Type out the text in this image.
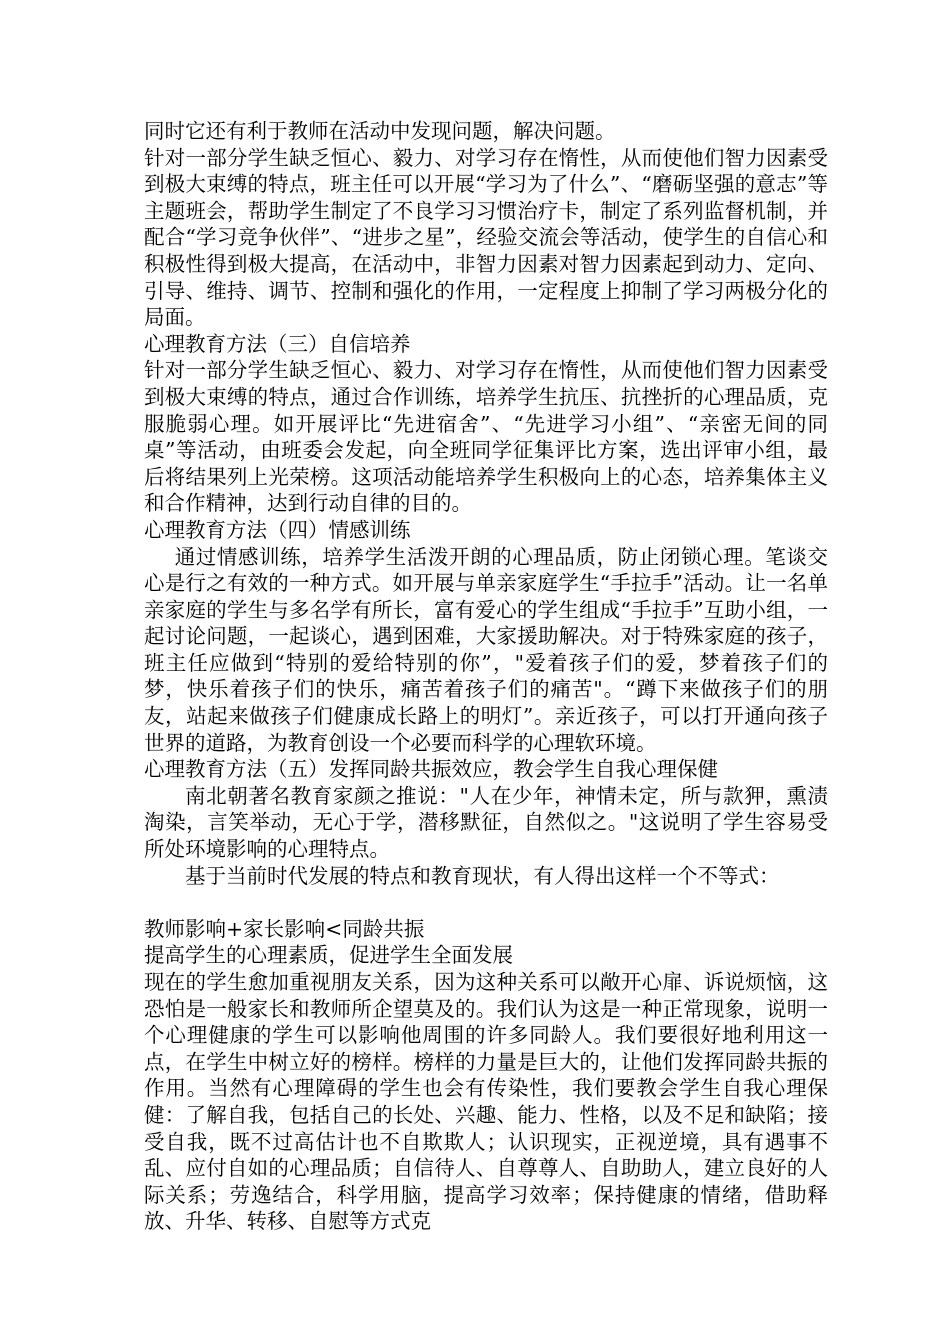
同时它还有利于教师在活动中发现问题，解决问题。

针对一部分学生缺乏恒心、毅力、对学习存在惰性，从而使他们智力因素受到极大束缚的特点，班主任可以开展“学习为了什么”、“磨砺坚强的意志”等主题班会，帮助学生制定了不良学习习惯治疗卡，制定了系列监督机制，并配合“学习竞争伙伴”、“进步之星”，经验交流会等活动，使学生的自信心和积极性得到极大提高，在活动中，非智力因素对智力因素起到动力、定向、引导、维持、调节、控制和强化的作用，一定程度上抑制了学习两极分化的局面。

心理教育方法（三）自信培养

针对一部分学生缺乏恒心、毅力、对学习存在惰性，从而使他们智力因素受到极大束缚的特点，通过合作训练，培养学生抗压、抗挫折的心理品质，克服脆弱心理。如开展评比“先进宿舍”、“先进学习小组”、“亲密无间的同桌”等活动，由班委会发起，向全班同学征集评比方案，选出评审小组，最后将结果列上光荣榜。这项活动能培养学生积极向上的心态，培养集体主义和合作精神，达到行动自律的目的。

心理教育方法（四）情感训练

通过情感训练，培养学生活泼开朗的心理品质，防止闭锁心理。笔谈交心是行之有效的一种方式。如开展与单亲家庭学生“手拉手”活动。让一名单亲家庭的学生与多名学有所长，富有爱心的学生组成“手拉手”互助小组，一起讨论问题，一起谈心，遇到困难，大家援助解决。对于特殊家庭的孩子，班主任应做到“特别的爱给特别的你”，"爱着孩子们的爱，梦着孩子们的梦，快乐着孩子们的快乐，痛苦着孩子们的痛苦"。“蹲下来做孩子们的朋友，站起来做孩子们健康成长路上的明灯”。亲近孩子，可以打开通向孩子世界的道路，为教育创设一个必要而科学的心理软环境。

心理教育方法（五）发挥同龄共振效应，教会学生自我心理保健

南北朝著名教育家颜之推说："人在少年，神情未定，所与款狎，熏渍淘染，言笑举动，无心于学，潜移默征，自然似之。"这说明了学生容易受所处环境影响的心理特点。

基于当前时代发展的特点和教育现状，有人得出这样一个不等式：

教师影响+家长影响<同龄共振

提高学生的心理素质，促进学生全面发展

现在的学生愈加重视朋友关系，因为这种关系可以敞开心扉、诉说烦恼，这恐怕是一般家长和教师所企望莫及的。我们认为这是一种正常现象，说明一个心理健康的学生可以影响他周围的许多同龄人。我们要很好地利用这一点，在学生中树立好的榜样。榜样的力量是巨大的，让他们发挥同龄共振的作用。当然有心理障碍的学生也会有传染性，我们要教会学生自我心理保健：了解自我，包括自己的长处、兴趣、能力、性格，以及不足和缺陷；接受自我，既不过高估计也不自欺欺人；认识现实，正视逆境，具有遇事不乱、应付自如的心理品质；自信待人、自尊尊人、自助助人，建立良好的人际关系；劳逸结合，科学用脑，提高学习效率；保持健康的情绪，借助释放、升华、转移、自慰等方式克
